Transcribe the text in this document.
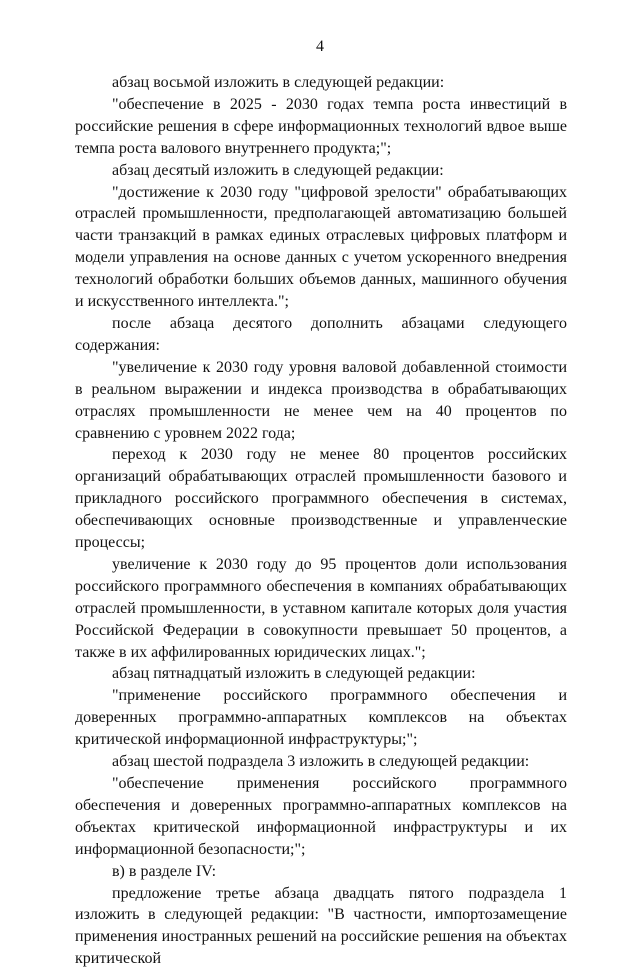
4

абзац восьмой изложить в следующей редакции:

"обеспечение в 2025 - 2030 годах темпа роста инвестиций в российские решения в сфере информационных технологий вдвое выше темпа роста валового внутреннего продукта;";

абзац десятый изложить в следующей редакции:

"достижение к 2030 году "цифровой зрелости" обрабатывающих отраслей промышленности, предполагающей автоматизацию большей части транзакций в рамках единых отраслевых цифровых платформ и модели управления на основе данных с учетом ускоренного внедрения технологий обработки больших объемов данных, машинного обучения и искусственного интеллекта.";

после абзаца десятого дополнить абзацами следующего содержания:

"увеличение к 2030 году уровня валовой добавленной стоимости в реальном выражении и индекса производства в обрабатывающих отраслях промышленности не менее чем на 40 процентов по сравнению с уровнем 2022 года;

переход к 2030 году не менее 80 процентов российских организаций обрабатывающих отраслей промышленности базового и прикладного российского программного обеспечения в системах, обеспечивающих основные производственные и управленческие процессы;

увеличение к 2030 году до 95 процентов доли использования российского программного обеспечения в компаниях обрабатывающих отраслей промышленности, в уставном капитале которых доля участия Российской Федерации в совокупности превышает 50 процентов, а также в их аффилированных юридических лицах.";

абзац пятнадцатый изложить в следующей редакции:

"применение российского программного обеспечения и доверенных программно-аппаратных комплексов на объектах критической информационной инфраструктуры;";

абзац шестой подраздела 3 изложить в следующей редакции:

"обеспечение применения российского программного обеспечения и доверенных программно-аппаратных комплексов на объектах критической информационной инфраструктуры и их информационной безопасности;";

в) в разделе IV:

предложение третье абзаца двадцать пятого подраздела 1 изложить в следующей редакции: "В частности, импортозамещение применения иностранных решений на российские решения на объектах критической
